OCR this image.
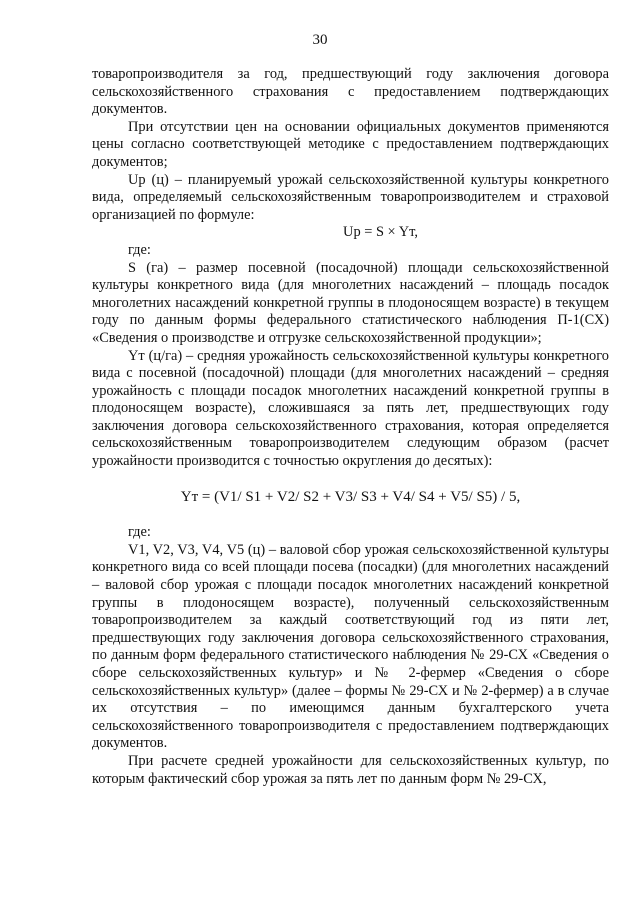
30

товаропроизводителя за год, предшествующий году заключения договора сельскохозяйственного страхования с предоставлением подтверждающих документов.

При отсутствии цен на основании официальных документов применяются цены согласно соответствующей методике с предоставлением подтверждающих документов;

Uр (ц) – планируемый урожай сельскохозяйственной культуры конкретного вида, определяемый сельскохозяйственным товаропроизводителем и страховой организацией по формуле:

Uр = S × Yт,

где:

S (га) – размер посевной (посадочной) площади сельскохозяйственной культуры конкретного вида (для многолетних насаждений – площадь посадок многолетних насаждений конкретной группы в плодоносящем возрасте) в текущем году по данным формы федерального статистического наблюдения П-1(СХ) «Сведения о производстве и отгрузке сельскохозяйственной продукции»;

Yт (ц/га) – средняя урожайность сельскохозяйственной культуры конкретного вида с посевной (посадочной) площади (для многолетних насаждений – средняя урожайность с площади посадок многолетних насаждений конкретной группы в плодоносящем возрасте), сложившаяся за пять лет, предшествующих году заключения договора сельскохозяйственного страхования, которая определяется сельскохозяйственным товаропроизводителем следующим образом (расчет урожайности производится с точностью округления до десятых):

Yт = (V1/ S1 + V2/ S2 + V3/ S3 + V4/ S4 + V5/ S5) / 5,

где:

V1, V2, V3, V4, V5 (ц) – валовой сбор урожая сельскохозяйственной культуры конкретного вида со всей площади посева (посадки) (для многолетних насаждений – валовой сбор урожая с площади посадок многолетних насаждений конкретной группы в плодоносящем возрасте), полученный сельскохозяйственным товаропроизводителем за каждый соответствующий год из пяти лет, предшествующих году заключения договора сельскохозяйственного страхования, по данным форм федерального статистического наблюдения № 29-СХ «Сведения о сборе сельскохозяйственных культур» и № 2-фермер «Сведения о сборе сельскохозяйственных культур» (далее – формы № 29-СХ и № 2-фермер) а в случае их отсутствия – по имеющимся данным бухгалтерского учета сельскохозяйственного товаропроизводителя с предоставлением подтверждающих документов.

При расчете средней урожайности для сельскохозяйственных культур, по которым фактический сбор урожая за пять лет по данным форм № 29-СХ,
